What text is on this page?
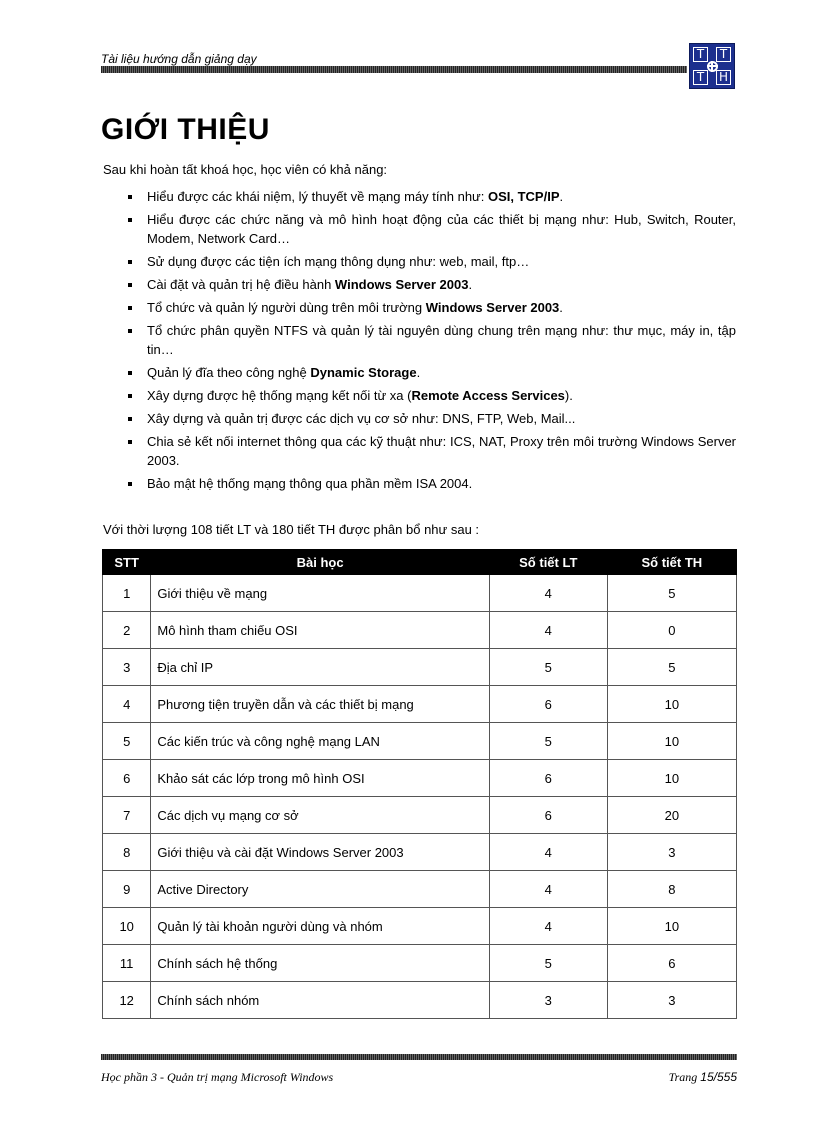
Tài liệu hướng dẫn giảng dạy	T	T
T	H
GIỚI THIỆU
Sau khi hoàn tất khoá học, học viên có khả năng:
Hiểu được các khái niệm, lý thuyết về mạng máy tính như: OSI, TCP/IP.
Hiểu được các chức năng và mô hình hoạt động của các thiết bị mạng như: Hub, Switch, Router, Modem, Network Card…
Sử dụng được các tiện ích mạng thông dụng như: web, mail, ftp…
Cài đặt và quản trị hệ điều hành Windows Server 2003.
Tổ chức và quản lý người dùng trên môi trường Windows Server 2003.
Tổ chức phân quyền NTFS và quản lý tài nguyên dùng chung trên mạng như: thư mục, máy in, tập tin…
Quản lý đĩa theo công nghệ Dynamic Storage.
Xây dựng được hệ thống mạng kết nối từ xa (Remote Access Services).
Xây dựng và quản trị được các dịch vụ cơ sở như: DNS, FTP, Web, Mail...
Chia sẻ kết nối internet thông qua các kỹ thuật như: ICS, NAT, Proxy trên môi trường Windows Server 2003.
Bảo mật hệ thống mạng thông qua phần mềm ISA 2004.
Với thời lượng 108 tiết LT và 180 tiết TH được phân bổ như sau :
STT	Bài học	Số tiết LT	Số tiết TH
1	Giới thiệu về mạng	4	5
2	Mô hình tham chiếu OSI	4	0
3	Địa chỉ IP	5	5
4	Phương tiện truyền dẫn và các thiết bị mạng	6	10
5	Các kiến trúc và công nghệ mạng LAN	5	10
6	Khảo sát các lớp trong mô hình OSI	6	10
7	Các dịch vụ mạng cơ sở	6	20
8	Giới thiệu và cài đặt Windows Server 2003	4	3
9	Active Directory	4	8
10	Quản lý tài khoản người dùng và nhóm	4	10
11	Chính sách hệ thống	5	6
12	Chính sách nhóm	3	3
Học phần 3 - Quản trị mạng Microsoft Windows	Trang 15/555
